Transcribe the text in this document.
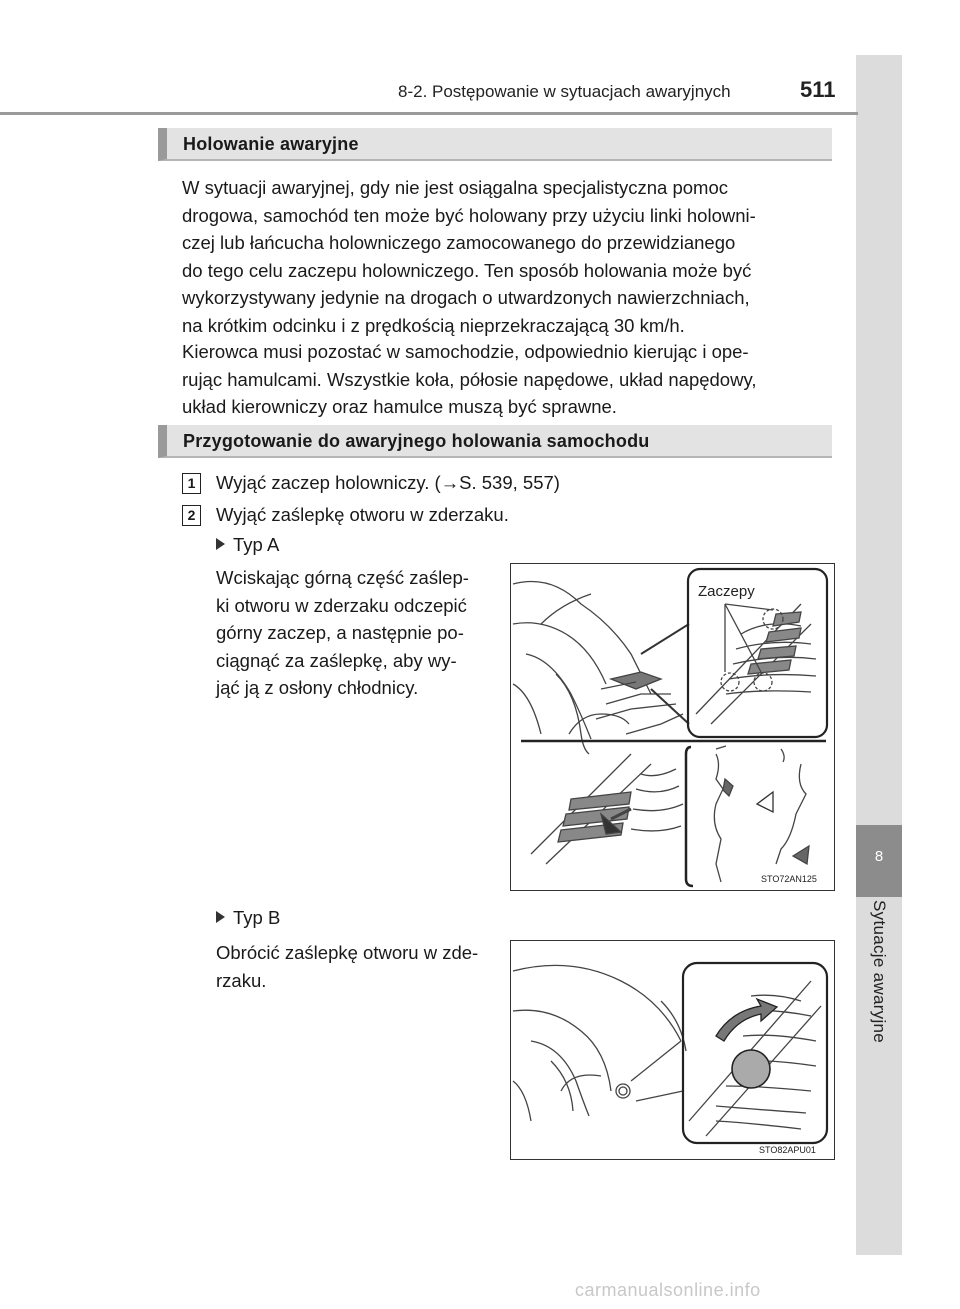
8
Sytuacje awaryjne
8-2. Postępowanie w sytuacjach awaryjnych	511
Holowanie awaryjne
W sytuacji awaryjnej, gdy nie jest osiągalna specjalistyczna pomoc
drogowa, samochód ten może być holowany przy użyciu linki holowni-
czej lub łańcucha holowniczego zamocowanego do przewidzianego
do tego celu zaczepu holowniczego. Ten sposób holowania może być
wykorzystywany jedynie na drogach o utwardzonych nawierzchniach,
na krótkim odcinku i z prędkością nieprzekraczającą 30 km/h.
Kierowca musi pozostać w samochodzie, odpowiednio kierując i ope-
rując hamulcami. Wszystkie koła, półosie napędowe, układ napędowy,
układ kierowniczy oraz hamulce muszą być sprawne.
Przygotowanie do awaryjnego holowania samochodu
1	Wyjąć zaczep holowniczy. (→S. 539, 557)
2	Wyjąć zaślepkę otworu w zderzaku.
Typ A
Wciskając górną część zaślep-
ki otworu w zderzaku odczepić
górny zaczep, a następnie po-
ciągnąć za zaślepkę, aby wy-
jąć ją z osłony chłodnicy.
Zaczepy
STO72AN125
Typ B
Obrócić zaślepkę otworu w zde-
rzaku.
STO82APU01
carmanualsonline.info
